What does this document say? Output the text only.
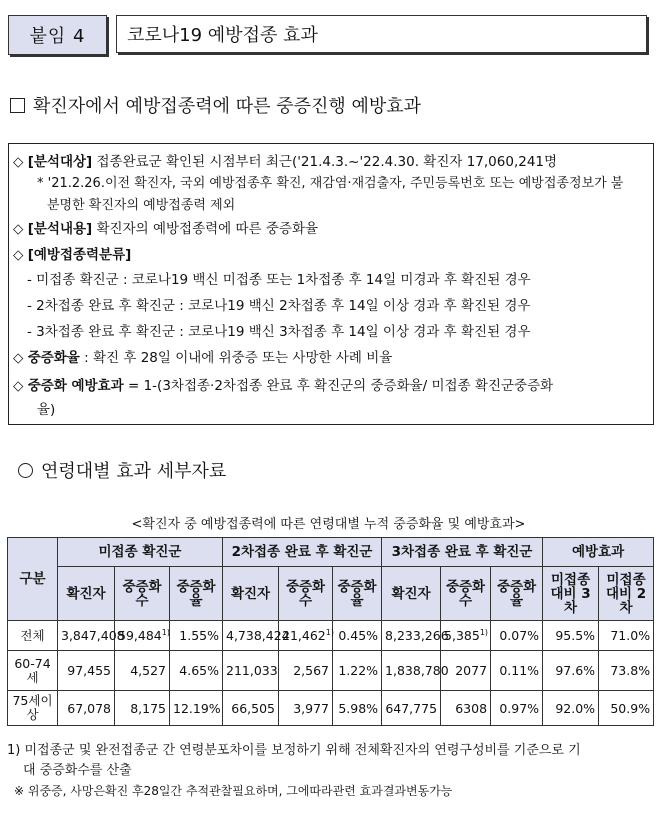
붙임 4	코로나19 예방접종 효과
확진자에서 예방접종력에 따른 중증진행 예방효과
◇ [분석대상] 접종완료군 확인된 시점부터 최근('21.4.3.~'22.4.30. 확진자 17,060,241명
* '21.2.26.이전 확진자, 국외 예방접종후 확진, 재감염·재검출자, 주민등록번호 또는 예방접종정보가 불
분명한 확진자의 예방접종력 제외
◇ [분석내용] 확진자의 예방접종력에 따른 중증화율
◇ [예방접종력분류]
- 미접종 확진군 : 코로나19 백신 미접종 또는 1차접종 후 14일 미경과 후 확진된 경우
- 2차접종 완료 후 확진군 : 코로나19 백신 2차접종 후 14일 이상 경과 후 확진된 경우
- 3차접종 완료 후 확진군 : 코로나19 백신 3차접종 후 14일 이상 경과 후 확진된 경우
◇ 중증화율 : 확진 후 28일 이내에 위중증 또는 사망한 사례 비율
◇ 중증화 예방효과 = 1-(3차접종·2차접종 완료 후 확진군의 중증화율/ 미접종 확진군중증화
율)
연령대별 효과 세부자료
<확진자 중 예방접종력에 따른 연령대별 누적 중증화율 및 예방효과>
구분	미접종 확진군			2차접종 완료 후 확진군			3차접종 완료 후 확진군			예방효과	
	확진자	중증화수	중증화율	확진자	중증화수	중증화율	확진자	중증화수	중증화율	미접종 대비 3차	미접종 대비 2차
전체	3,847,408	59,484$^{1)}$	1.55%	4,738,424	21,462$^{1)}$	0.45%	8,233,266	5,385$^{1)}$	0.07%	95.5%	71.0%
60-74세	97,455	4,527	4.65%	211,033	2,567	1.22%	1,838,780	2077	0.11%	97.6%	73.8%
75세이상	67,078	8,175	12.19%	66,505	3,977	5.98%	647,775	6308	0.97%	92.0%	50.9%
1) 미접종군 및 완전접종군 간 연령분포차이를 보정하기 위해 전체확진자의 연령구성비를 기준으로 기
대 중증화수를 산출
※ 위중증, 사망은확진 후28일간 추적관찰필요하며, 그에따라관련 효과결과변동가능
